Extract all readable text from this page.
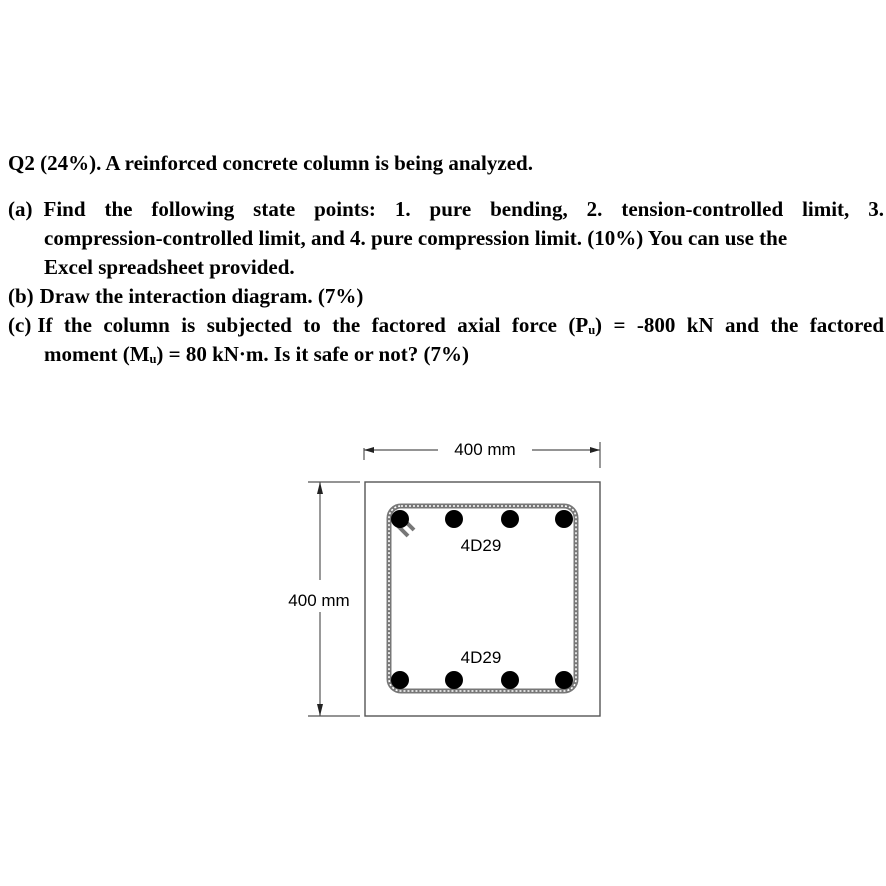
Q2 (24%). A reinforced concrete column is being analyzed.
(a) Find the following state points: 1. pure bending, 2. tension-controlled limit, 3.
compression-controlled limit, and 4. pure compression limit. (10%) You can use the
Excel spreadsheet provided.
(b) Draw the interaction diagram. (7%)
(c) If the column is subjected to the factored axial force (Pᵤ) = -800 kN and the factored
moment (Mᵤ) = 80 kN·m. Is it safe or not? (7%)
400 mm
400 mm
4D29
4D29
